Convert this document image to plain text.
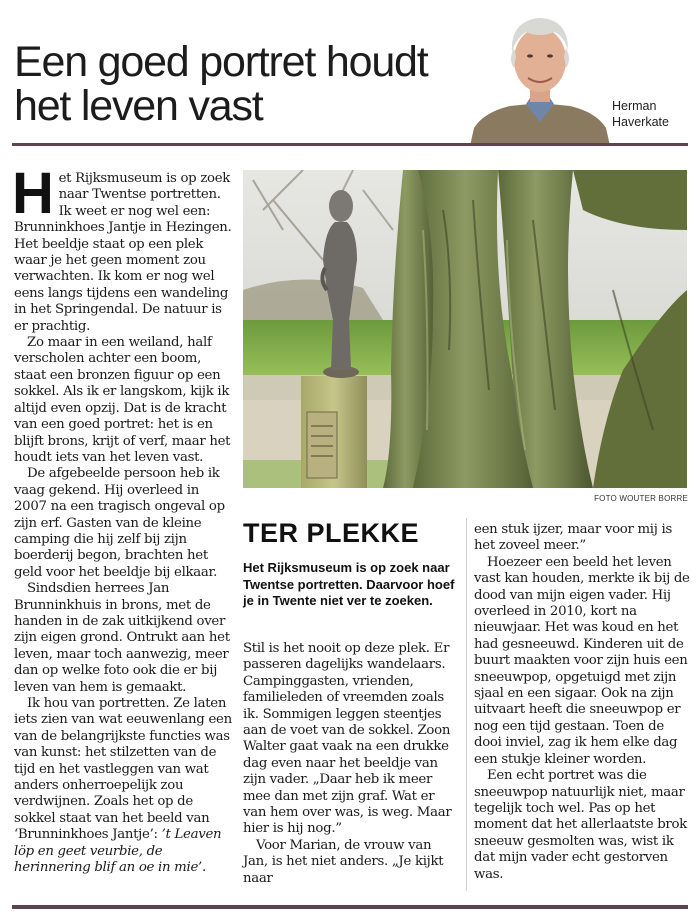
Een goed portret houdt het leven vast	Herman
Haverkate

Het Rijksmuseum is op zoek naar Twentse portretten. Ik weet er nog wel een: Brunninkhoes Jantje in Hezingen. Het beeldje staat op een plek waar je het geen moment zou verwachten. Ik kom er nog wel eens langs tijdens een wandeling in het Springendal. De natuur is er prachtig.

Zo maar in een weiland, half verscholen achter een boom, staat een bronzen figuur op een sokkel. Als ik er langskom, kijk ik altijd even opzij. Dat is de kracht van een goed portret: het is en blijft brons, krijt of verf, maar het houdt iets van het leven vast.

De afgebeelde persoon heb ik vaag gekend. Hij overleed in 2007 na een tragisch ongeval op zijn erf. Gasten van de kleine camping die hij zelf bij zijn boerderij begon, brachten het geld voor het beeldje bij elkaar.

Sindsdien herrees Jan Brunninkhuis in brons, met de handen in de zak uitkijkend over zijn eigen grond. Ontrukt aan het leven, maar toch aanwezig, meer dan op welke foto ook die er bij leven van hem is gemaakt.

Ik hou van portretten. Ze laten iets zien van wat eeuwenlang een van de belangrijkste functies was van kunst: het stilzetten van de tijd en het vastleggen van wat anders onherroepelijk zou verdwijnen. Zoals het op de sokkel staat van het beeld van ‘Brunninkhoes Jantje’: ’t Leaven löp en geet veurbie, de herinnering blif an oe in mie’.

FOTO WOUTER BORRE
TER PLEKKE
Het Rijksmuseum is op zoek naar Twentse portretten. Daarvoor hoef je in Twente niet ver te zoeken.

Stil is het nooit op deze plek. Er passeren dagelijks wandelaars. Campinggasten, vrienden, familieleden of vreemden zoals ik. Sommigen leggen steentjes aan de voet van de sokkel. Zoon Walter gaat vaak na een drukke dag even naar het beeldje van zijn vader. „Daar heb ik meer mee dan met zijn graf. Wat er van hem over was, is weg. Maar hier is hij nog.”

Voor Marian, de vrouw van Jan, is het niet anders. „Je kijkt naar

een stuk ijzer, maar voor mij is het zoveel meer.”

Hoezeer een beeld het leven vast kan houden, merkte ik bij de dood van mijn eigen vader. Hij overleed in 2010, kort na nieuwjaar. Het was koud en het had gesneeuwd. Kinderen uit de buurt maakten voor zijn huis een sneeuwpop, opgetuigd met zijn sjaal en een sigaar. Ook na zijn uitvaart heeft die sneeuwpop er nog een tijd gestaan. Toen de dooi inviel, zag ik hem elke dag een stukje kleiner worden.

Een echt portret was die sneeuwpop natuurlijk niet, maar tegelijk toch wel. Pas op het moment dat het allerlaatste brok sneeuw gesmolten was, wist ik dat mijn vader echt gestorven was.
